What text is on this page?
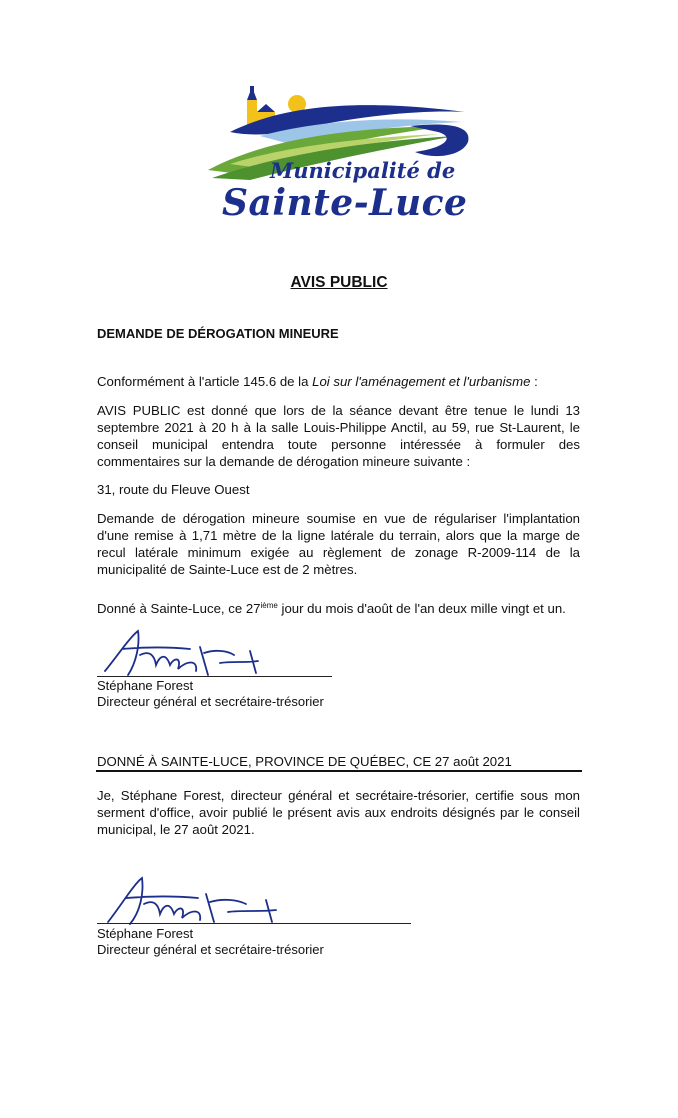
Municipalité de
Sainte-Luce
AVIS PUBLIC
DEMANDE DE DÉROGATION MINEURE
Conformément à l'article 145.6 de la Loi sur l'aménagement et l'urbanisme :
AVIS PUBLIC est donné que lors de la séance devant être tenue le lundi 13 septembre 2021 à 20 h à la salle Louis-Philippe Anctil, au 59, rue St-Laurent, le conseil municipal entendra toute personne intéressée à formuler des commentaires sur la demande de dérogation mineure suivante :
31, route du Fleuve Ouest
Demande de dérogation mineure soumise en vue de régulariser l'implantation d'une remise à 1,71 mètre de la ligne latérale du terrain, alors que la marge de recul latérale minimum exigée au règlement de zonage R-2009-114 de la municipalité de Sainte-Luce est de 2 mètres.
Donné à Sainte-Luce, ce 27ième jour du mois d'août de l'an deux mille vingt et un.
Stéphane Forest
Directeur général et secrétaire-trésorier
DONNÉ À SAINTE-LUCE, PROVINCE DE QUÉBEC, CE 27 août 2021
Je, Stéphane Forest, directeur général et secrétaire-trésorier, certifie sous mon serment d'office, avoir publié le présent avis aux endroits désignés par le conseil municipal, le 27 août 2021.
Stéphane Forest
Directeur général et secrétaire-trésorier
